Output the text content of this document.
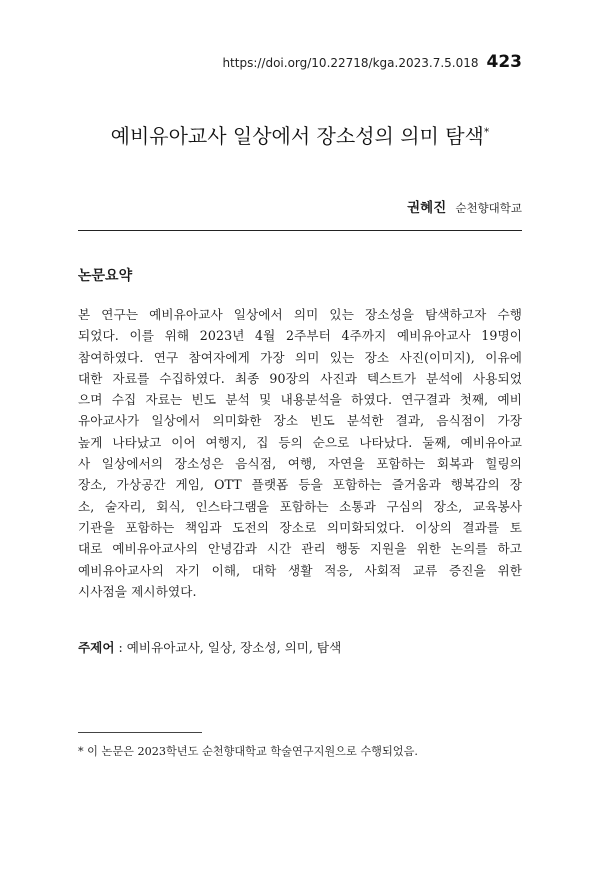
https://doi.org/10.22718/kga.2023.7.5.018 423
예비유아교사 일상에서 장소성의 의미 탐색*
권혜진 순천향대학교
논문요약
본 연구는 예비유아교사 일상에서 의미 있는 장소성을 탐색하고자 수행
되었다. 이를 위해 2023년 4월 2주부터 4주까지 예비유아교사 19명이
참여하였다. 연구 참여자에게 가장 의미 있는 장소 사진(이미지), 이유에
대한 자료를 수집하였다. 최종 90장의 사진과 텍스트가 분석에 사용되었
으며 수집 자료는 빈도 분석 및 내용분석을 하였다. 연구결과 첫째, 예비
유아교사가 일상에서 의미화한 장소 빈도 분석한 결과, 음식점이 가장
높게 나타났고 이어 여행지, 집 등의 순으로 나타났다. 둘째, 예비유아교
사 일상에서의 장소성은 음식점, 여행, 자연을 포함하는 회복과 힐링의
장소, 가상공간 게임, OTT 플랫폼 등을 포함하는 즐거움과 행복감의 장
소, 술자리, 회식, 인스타그램을 포함하는 소통과 구심의 장소, 교육봉사
기관을 포함하는 책임과 도전의 장소로 의미화되었다. 이상의 결과를 토
대로 예비유아교사의 안녕감과 시간 관리 행동 지원을 위한 논의를 하고
예비유아교사의 자기 이해, 대학 생활 적응, 사회적 교류 증진을 위한
시사점을 제시하였다.
주제어 : 예비유아교사, 일상, 장소성, 의미, 탐색
* 이 논문은 2023학년도 순천향대학교 학술연구지원으로 수행되었음.
